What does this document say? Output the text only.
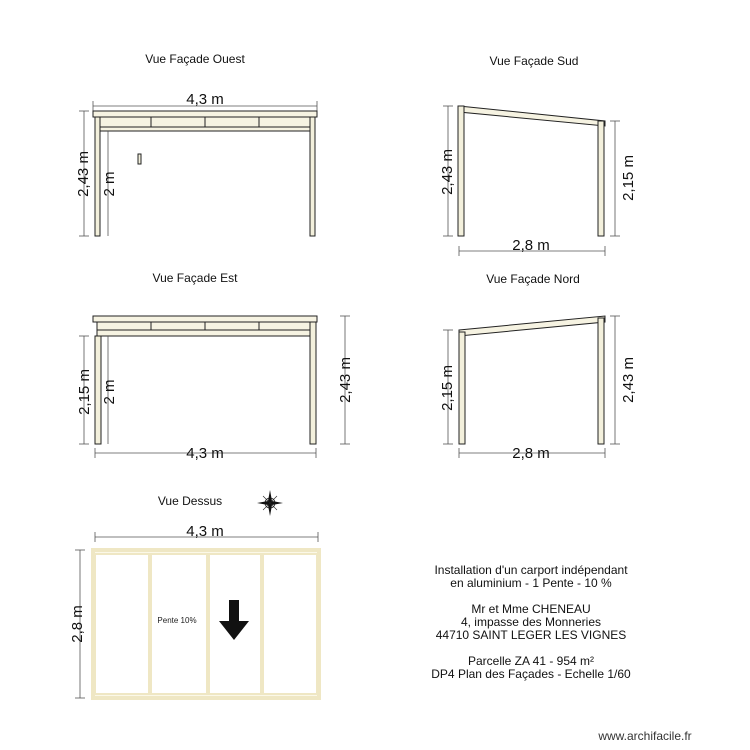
Vue Façade Ouest
4,3 m
2,43 m 2 m
Vue Façade Sud
2,43 m	2,15 m
2,8 m
Vue Façade Est
2,15 m 2 m	2,43 m
4,3 m
Vue Façade Nord
2,15 m	2,43 m
2,8 m
Vue Dessus
4,3 m
Pente 10%
2,8 m
Installation d'un carport indépendant
en aluminium - 1 Pente - 10 %
Mr et Mme CHENEAU
4, impasse des Monneries
44710 SAINT LEGER LES VIGNES
Parcelle ZA 41 - 954 m²
DP4 Plan des Façades - Echelle 1/60
www.archifacile.fr
